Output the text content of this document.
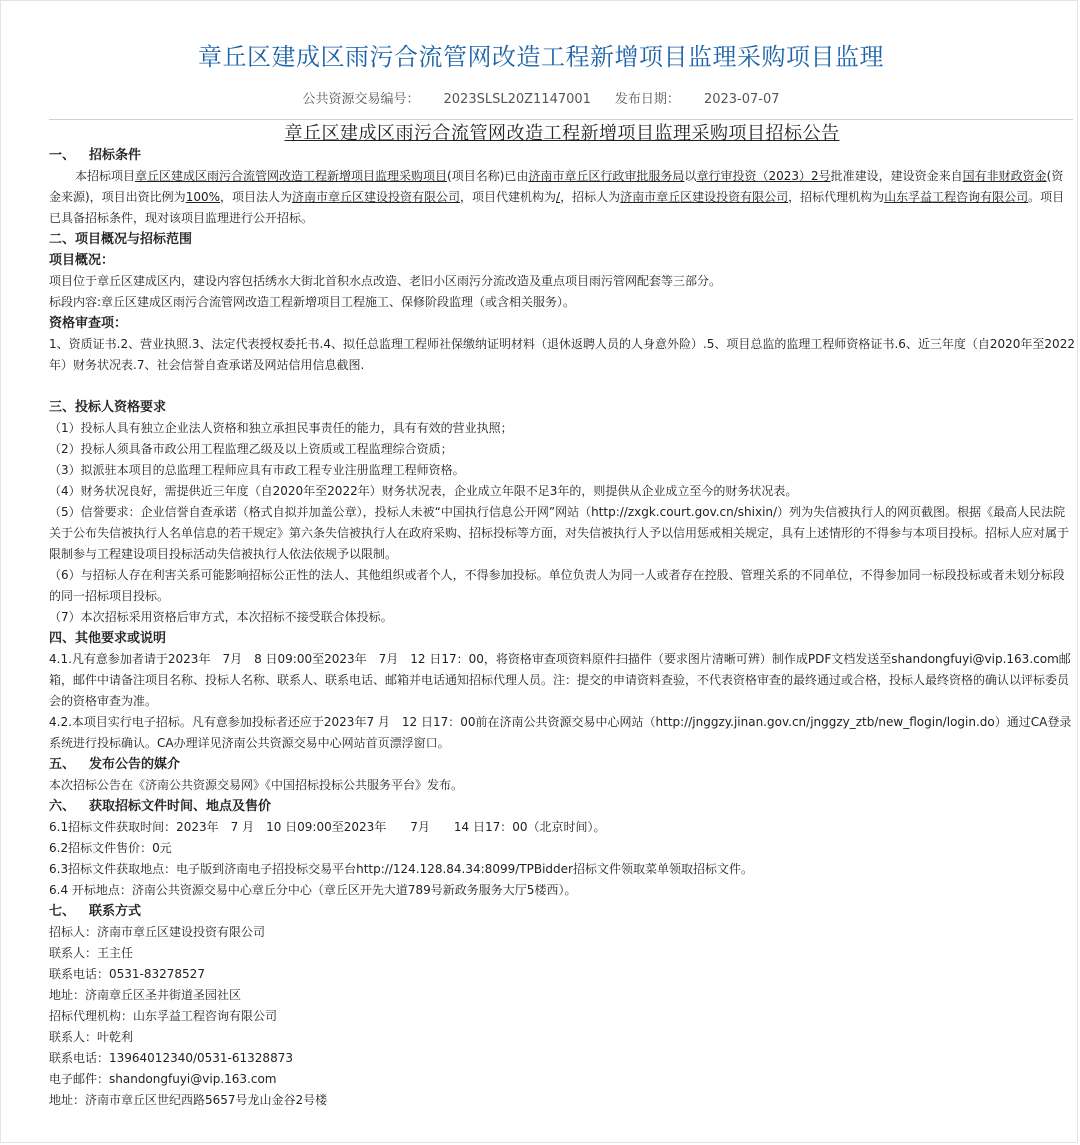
章丘区建成区雨污合流管网改造工程新增项目监理采购项目监理
公共资源交易编号： 2023SLSL20Z1147001 发布日期： 2023-07-07
章丘区建成区雨污合流管网改造工程新增项目监理采购项目招标公告
一、 招标条件

本招标项目章丘区建成区雨污合流管网改造工程新增项目监理采购项目(项目名称)已由济南市章丘区行政审批服务局以章行审投资（2023）2号批准建设，建设资金来自国有非财政资金(资金来源)，项目出资比例为100%，项目法人为济南市章丘区建设投资有限公司，项目代建机构为/，招标人为济南市章丘区建设投资有限公司，招标代理机构为山东孚益工程咨询有限公司。项目已具备招标条件，现对该项目监理进行公开招标。

二、项目概况与招标范围
项目概况：

项目位于章丘区建成区内，建设内容包括绣水大街北首积水点改造、老旧小区雨污分流改造及重点项目雨污管网配套等三部分。

标段内容:章丘区建成区雨污合流管网改造工程新增项目工程施工、保修阶段监理（或含相关服务）。

资格审查项：

1、资质证书.2、营业执照.3、法定代表授权委托书.4、拟任总监理工程师社保缴纳证明材料（退休返聘人员的人身意外险）.5、项目总监的监理工程师资格证书.6、近三年度（自2020年至2022年）财务状况表.7、社会信誉自查承诺及网站信用信息截图.

三、投标人资格要求

（1）投标人具有独立企业法人资格和独立承担民事责任的能力，具有有效的营业执照；

（2）投标人须具备市政公用工程监理乙级及以上资质或工程监理综合资质；

（3）拟派驻本项目的总监理工程师应具有市政工程专业注册监理工程师资格。

（4）财务状况良好，需提供近三年度（自2020年至2022年）财务状况表，企业成立年限不足3年的，则提供从企业成立至今的财务状况表。

（5）信誉要求：企业信誉自查承诺（格式自拟并加盖公章），投标人未被“中国执行信息公开网”网站（http://zxgk.court.gov.cn/shixin/）列为失信被执行人的网页截图。根据《最高人民法院关于公布失信被执行人名单信息的若干规定》第六条失信被执行人在政府采购、招标投标等方面，对失信被执行人予以信用惩戒相关规定，具有上述情形的不得参与本项目投标。招标人应对属于限制参与工程建设项目投标活动失信被执行人依法依规予以限制。

（6）与招标人存在利害关系可能影响招标公正性的法人、其他组织或者个人，不得参加投标。单位负责人为同一人或者存在控股、管理关系的不同单位，不得参加同一标段投标或者未划分标段的同一招标项目投标。

（7）本次招标采用资格后审方式，本次招标不接受联合体投标。

四、其他要求或说明

4.1.凡有意参加者请于2023年　7月　8 日09:00至2023年　7月　12 日17：00，将资格审查项资料原件扫描件（要求图片清晰可辨）制作成PDF文档发送至shandongfuyi@vip.163.com邮箱，邮件中请备注项目名称、投标人名称、联系人、联系电话、邮箱并电话通知招标代理人员。注：提交的申请资料查验，不代表资格审查的最终通过或合格，投标人最终资格的确认以评标委员会的资格审查为准。

4.2.本项目实行电子招标。凡有意参加投标者还应于2023年7 月　12 日17：00前在济南公共资源交易中心网站（http://jnggzy.jinan.gov.cn/jnggzy_ztb/new_flogin/login.do）通过CA登录系统进行投标确认。CA办理详见济南公共资源交易中心网站首页漂浮窗口。

五、 发布公告的媒介

本次招标公告在《济南公共资源交易网》《中国招标投标公共服务平台》发布。

六、 获取招标文件时间、地点及售价

6.1招标文件获取时间：2023年　7 月　10 日09:00至2023年　　7月　　14 日17：00（北京时间）。

6.2招标文件售价：0元

6.3招标文件获取地点：电子版到济南电子招投标交易平台http://124.128.84.34:8099/TPBidder招标文件领取菜单领取招标文件。

6.4 开标地点：济南公共资源交易中心章丘分中心（章丘区开先大道789号新政务服务大厅5楼西）。

七、 联系方式

招标人：济南市章丘区建设投资有限公司

联系人：王主任

联系电话：0531-83278527

地址：济南章丘区圣井街道圣园社区

招标代理机构：山东孚益工程咨询有限公司

联系人：叶乾利

联系电话：13964012340/0531-61328873

电子邮件：shandongfuyi@vip.163.com

地址：济南市章丘区世纪西路5657号龙山金谷2号楼
